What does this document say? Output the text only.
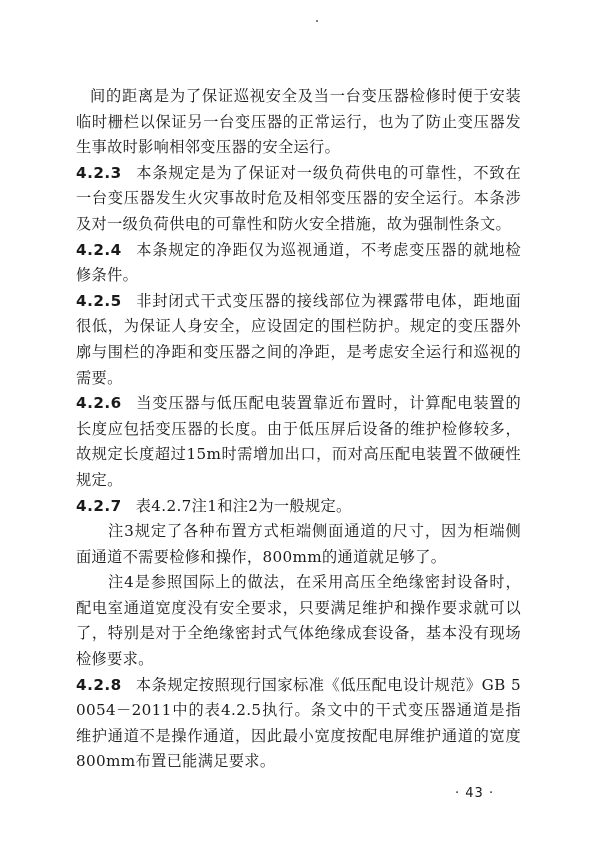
间的距离是为了保证巡视安全及当一台变压器检修时便于安装临时栅栏以保证另一台变压器的正常运行，也为了防止变压器发生事故时影响相邻变压器的安全运行。

4.2.3 本条规定是为了保证对一级负荷供电的可靠性，不致在一台变压器发生火灾事故时危及相邻变压器的安全运行。本条涉及对一级负荷供电的可靠性和防火安全措施，故为强制性条文。

4.2.4 本条规定的净距仅为巡视通道，不考虑变压器的就地检修条件。

4.2.5 非封闭式干式变压器的接线部位为裸露带电体，距地面很低，为保证人身安全，应设固定的围栏防护。规定的变压器外廓与围栏的净距和变压器之间的净距，是考虑安全运行和巡视的需要。

4.2.6 当变压器与低压配电装置靠近布置时，计算配电装置的长度应包括变压器的长度。由于低压屏后设备的维护检修较多，故规定长度超过15m时需增加出口，而对高压配电装置不做硬性规定。

4.2.7 表4.2.7注1和注2为一般规定。

注3规定了各种布置方式柜端侧面通道的尺寸，因为柜端侧面通道不需要检修和操作，800mm的通道就足够了。

注4是参照国际上的做法，在采用高压全绝缘密封设备时，配电室通道宽度没有安全要求，只要满足维护和操作要求就可以了，特别是对于全绝缘密封式气体绝缘成套设备，基本没有现场检修要求。

4.2.8 本条规定按照现行国家标准《低压配电设计规范》GB 50054－2011中的表4.2.5执行。条文中的干式变压器通道是指维护通道不是操作通道，因此最小宽度按配电屏维护通道的宽度800mm布置已能满足要求。

· 43 ·
